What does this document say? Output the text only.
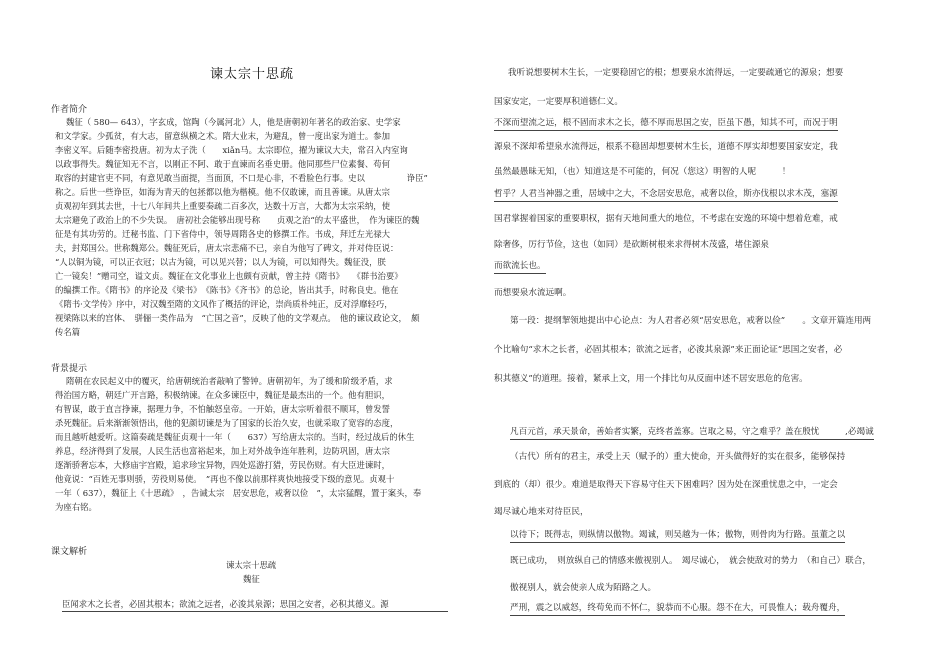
谏太宗十思疏
作者简介
魏征（ 580— 643），字玄成，馆陶（今属河北）人，他是唐朝初年著名的政治家、史学家
和文学家。少孤贫，有大志，留意纵横之术。隋大业末，为避乱，曾一度出家为道士。参加
李密义军。后随李密投唐。初为太子洗（　　xiǎn马。太宗即位，擢为谏议大夫，常召入内室询
以政事得失。魏征知无不言，以刚正不阿、敢于直谏而名垂史册。他同那些尸位素餐、苟何
取容的封建官吏不同，有意见敢当面提，当面顶，不口是心非，不看脸色行事。史以　　　　　诤臣”
称之。后世一些诤臣，如海为青天的包拯都以他为楷模。他不仅敢谏，而且善谏。从唐太宗
贞观初年到其去世，十七八年间共上重要奏疏二百多次，达数十万言，大都为太宗采纳，使
太宗避免了政治上的不少失误。　唐初社会能够出现号称　　贞观之治“的太平盛世，　作为谏臣的魏
征是有其功劳的。迁秘书监、门下省侍中，领导周隋各史的修撰工作。书成，拜迁左光禄大
夫，封郑国公。世称魏郑公。魏征死后，唐太宗悲痛不已，亲自为他写了碑文，并对侍臣说：
“人以铜为镜，可以正衣冠；以古为镜，可以见兴替；以人为镜，可以知得失。魏征没，朕
亡一镜矣！”赠司空，谥文贞。魏征在文化事业上也颇有贡献，曾主持《隋书》　　《群书治要》
的编撰工作。《隋书》的序论及《梁书》　《陈书》《齐书》的总论，皆出其手，时称良史。他在
《隋书·文学传》序中，对汉魏至隋的文风作了概括的评论，崇尚质朴纯正，反对浮靡轻巧，
视梁陈以来的宫体、　骈俪一类作品为　“亡国之音”，反映了他的文学观点。　他的谏议政论文，　颇
传名篇
背景提示
隋朝在农民起义中的覆灭，给唐朝统治者敲响了警钟。唐朝初年，为了缓和阶级矛盾，求
得治国方略，朝廷广开言路，积极纳谏。在众多谏臣中，魏征是最杰出的一个。他有胆识，
有智谋，敢于直言挣谏，据理力争，不怕触怒皇帝。一开始，唐太宗听着很不顺耳，曾发誓
杀死魏征。后来渐渐领悟出，他的犯颜切谏是为了国家的长治久安，也就采取了宽容的态度，
而且越听越爱听。这篇奏疏是魏征贞观十一年（　　637）写给唐太宗的。当时，经过战后的休生
养息，经济得到了发展，人民生活也富裕起来，加上对外战争连年胜利，边防巩固，唐太宗
逐渐骄奢忘本，大修庙宇宫殿，追求珍宝异物，四处巡游打猎，劳民伤财。有大臣进谏时，
他竟说：“百姓无事则骄，劳役则易使。　”再也不像以前那样爽快地接受下级的意见。贞观十
一年（ 637），魏征上《十思疏》　，告诫太宗　居安思危，戒奢以俭　”，太宗猛醒，置于案头，奉
为座右铭。
课文解析
谏太宗十思疏
魏征
臣闻求木之长者，必固其根本；欲流之远者，必浚其泉源；思国之安者，必积其德义。源
我听说想要树木生长，一定要稳固它的根；想要泉水流得远，一定要疏通它的源泉；想要
国家安定，一定要厚积道德仁义。
不深而望流之远，根不固而求木之长，德不厚而思国之安，臣虽下愚，知其不可，而况于明
源泉不深却希望泉水流得远，根系不稳固却想要树木生长，道德不厚实却想要国家安定，我
虽然最愚昧无知，（也）知道这是不可能的，何况（您这）明智的人呢　　　！
哲乎？人君当神器之重，居域中之大，不念居安思危，戒奢以俭，斯亦伐根以求木茂，塞源
国君掌握着国家的重要职权，据有天地间重大的地位，不考虑在安逸的环境中想着危难，戒
除奢侈，厉行节俭，这也（如同）是砍断树根来求得树木茂盛，堵住源泉
而欲流长也。
而想要泉水流远啊。
第一段：提纲挈领地提出中心论点：为人君者必须“居安思危，戒奢以俭”　　。文章开篇连用两
个比喻句“求木之长者，必固其根本；欲流之远者，必浚其泉源”来正面论证“思国之安者，必
积其德义”的道理。接着，紧承上文，用一个排比句从反面申述不居安思危的危害。
凡百元首，承天景命，善始者实繁，克终者盖寡。岂取之易，守之难乎？盖在殷忧　　　,必竭诚
（古代）所有的君主，承受上天（赋予的）重大使命，开头做得好的实在很多，能够保持
到底的（却）很少。难道是取得天下容易守住天下困难吗？因为处在深重忧患之中，一定会
竭尽诚心地来对待臣民，
以待下；既得志，则纵情以傲物。竭诚，则吴越为一体；傲物，则骨肉为行路。虽董之以
既已成功，　则放纵自己的情感来傲视别人。　竭尽诚心，　就会使敌对的势力　（和自己）联合，
傲视别人，就会使亲人成为陌路之人。
严刑，震之以威怒，终苟免而不怀仁，貌恭而不心服。怨不在大，可畏惟人；载舟覆舟，
